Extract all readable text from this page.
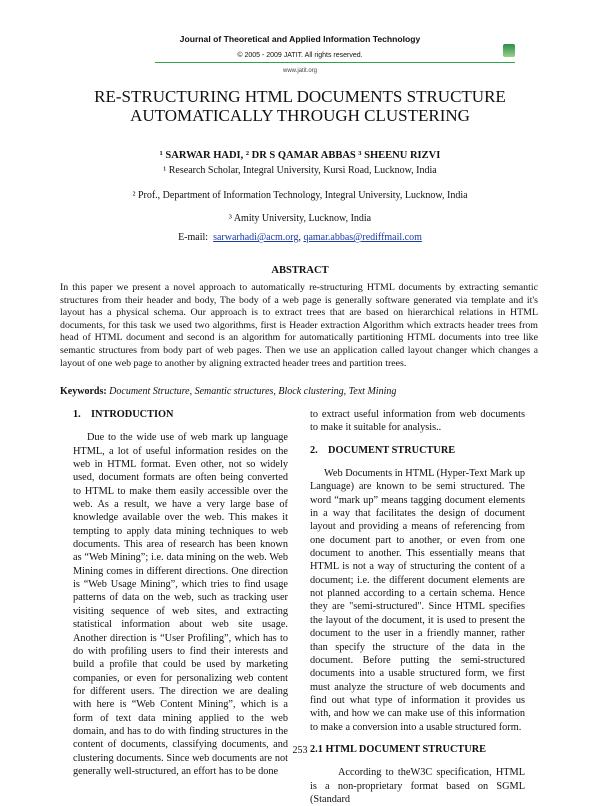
Journal of Theoretical and Applied Information Technology
© 2005 - 2009 JATIT. All rights reserved.
www.jatit.org
RE-STRUCTURING HTML DOCUMENTS STRUCTURE
AUTOMATICALLY THROUGH CLUSTERING
¹ SARWAR HADI, ² DR S QAMAR ABBAS ³ SHEENU RIZVI
¹ Research Scholar, Integral University, Kursi Road, Lucknow, India
² Prof., Department of Information Technology, Integral University, Lucknow, India
³ Amity University, Lucknow, India
E-mail: sarwarhadi@acm.org, qamar.abbas@rediffmail.com
ABSTRACT
In this paper we present a novel approach to automatically re-structuring HTML documents by extracting semantic structures from their header and body, The body of a web page is generally software generated via template and it's layout has a physical schema. Our approach is to extract trees that are based on hierarchical relations in HTML documents, for this task we used two algorithms, first is Header extraction Algorithm which extracts header trees from head of HTML document and second is an algorithm for automatically partitioning HTML documents into tree like semantic structures from body part of web pages. Then we use an application called layout changer which changes a layout of one web page to another by aligning extracted header trees and partition trees.
Keywords: Document Structure, Semantic structures, Block clustering, Text Mining
1.    INTRODUCTION

Due to the wide use of web mark up language HTML, a lot of useful information resides on the web in HTML format. Even other, not so widely used, document formats are often being converted to HTML to make them easily accessible over the web. As a result, we have a very large base of knowledge available over the web. This makes it tempting to apply data mining techniques to web documents. This area of research has been known as “Web Mining”; i.e. data mining on the web. Web Mining comes in different directions. One direction is “Web Usage Mining”, which tries to find usage patterns of data on the web, such as tracking user visiting sequence of web sites, and extracting statistical information about web site usage. Another direction is “User Profiling”, which has to do with profiling users to find their interests and build a profile that could be used by marketing companies, or even for personalizing web content for different users. The direction we are dealing with here is “Web Content Mining”, which is a form of text data mining applied to the web domain, and has to do with finding structures in the content of documents, classifying documents, and clustering documents. Since web documents are not generally well-structured, an effort has to be done

to extract useful information from web documents to make it suitable for analysis..
2.    DOCUMENT STRUCTURE

Web Documents in HTML (Hyper-Text Mark up Language) are known to be semi structured. The word “mark up” means tagging document elements in a way that facilitates the design of document layout and providing a means of referencing from one document part to another, or even from one document to another. This essentially means that HTML is not a way of structuring the content of a document; i.e. the different document elements are not planned according to a certain schema. Hence they are "semi-structured". Since HTML specifies the layout of the document, it is used to present the document to the user in a friendly manner, rather than specify the structure of the data in the document. Before putting the semi-structured documents into a usable structured form, we first must analyze the structure of web documents and find out what type of information it provides us with, and how we can make use of this information to make a conversion into a usable structured form.

2.1 HTML DOCUMENT STRUCTURE

According to theW3C specification, HTML is a non-proprietary format based on SGML (Standard

253
